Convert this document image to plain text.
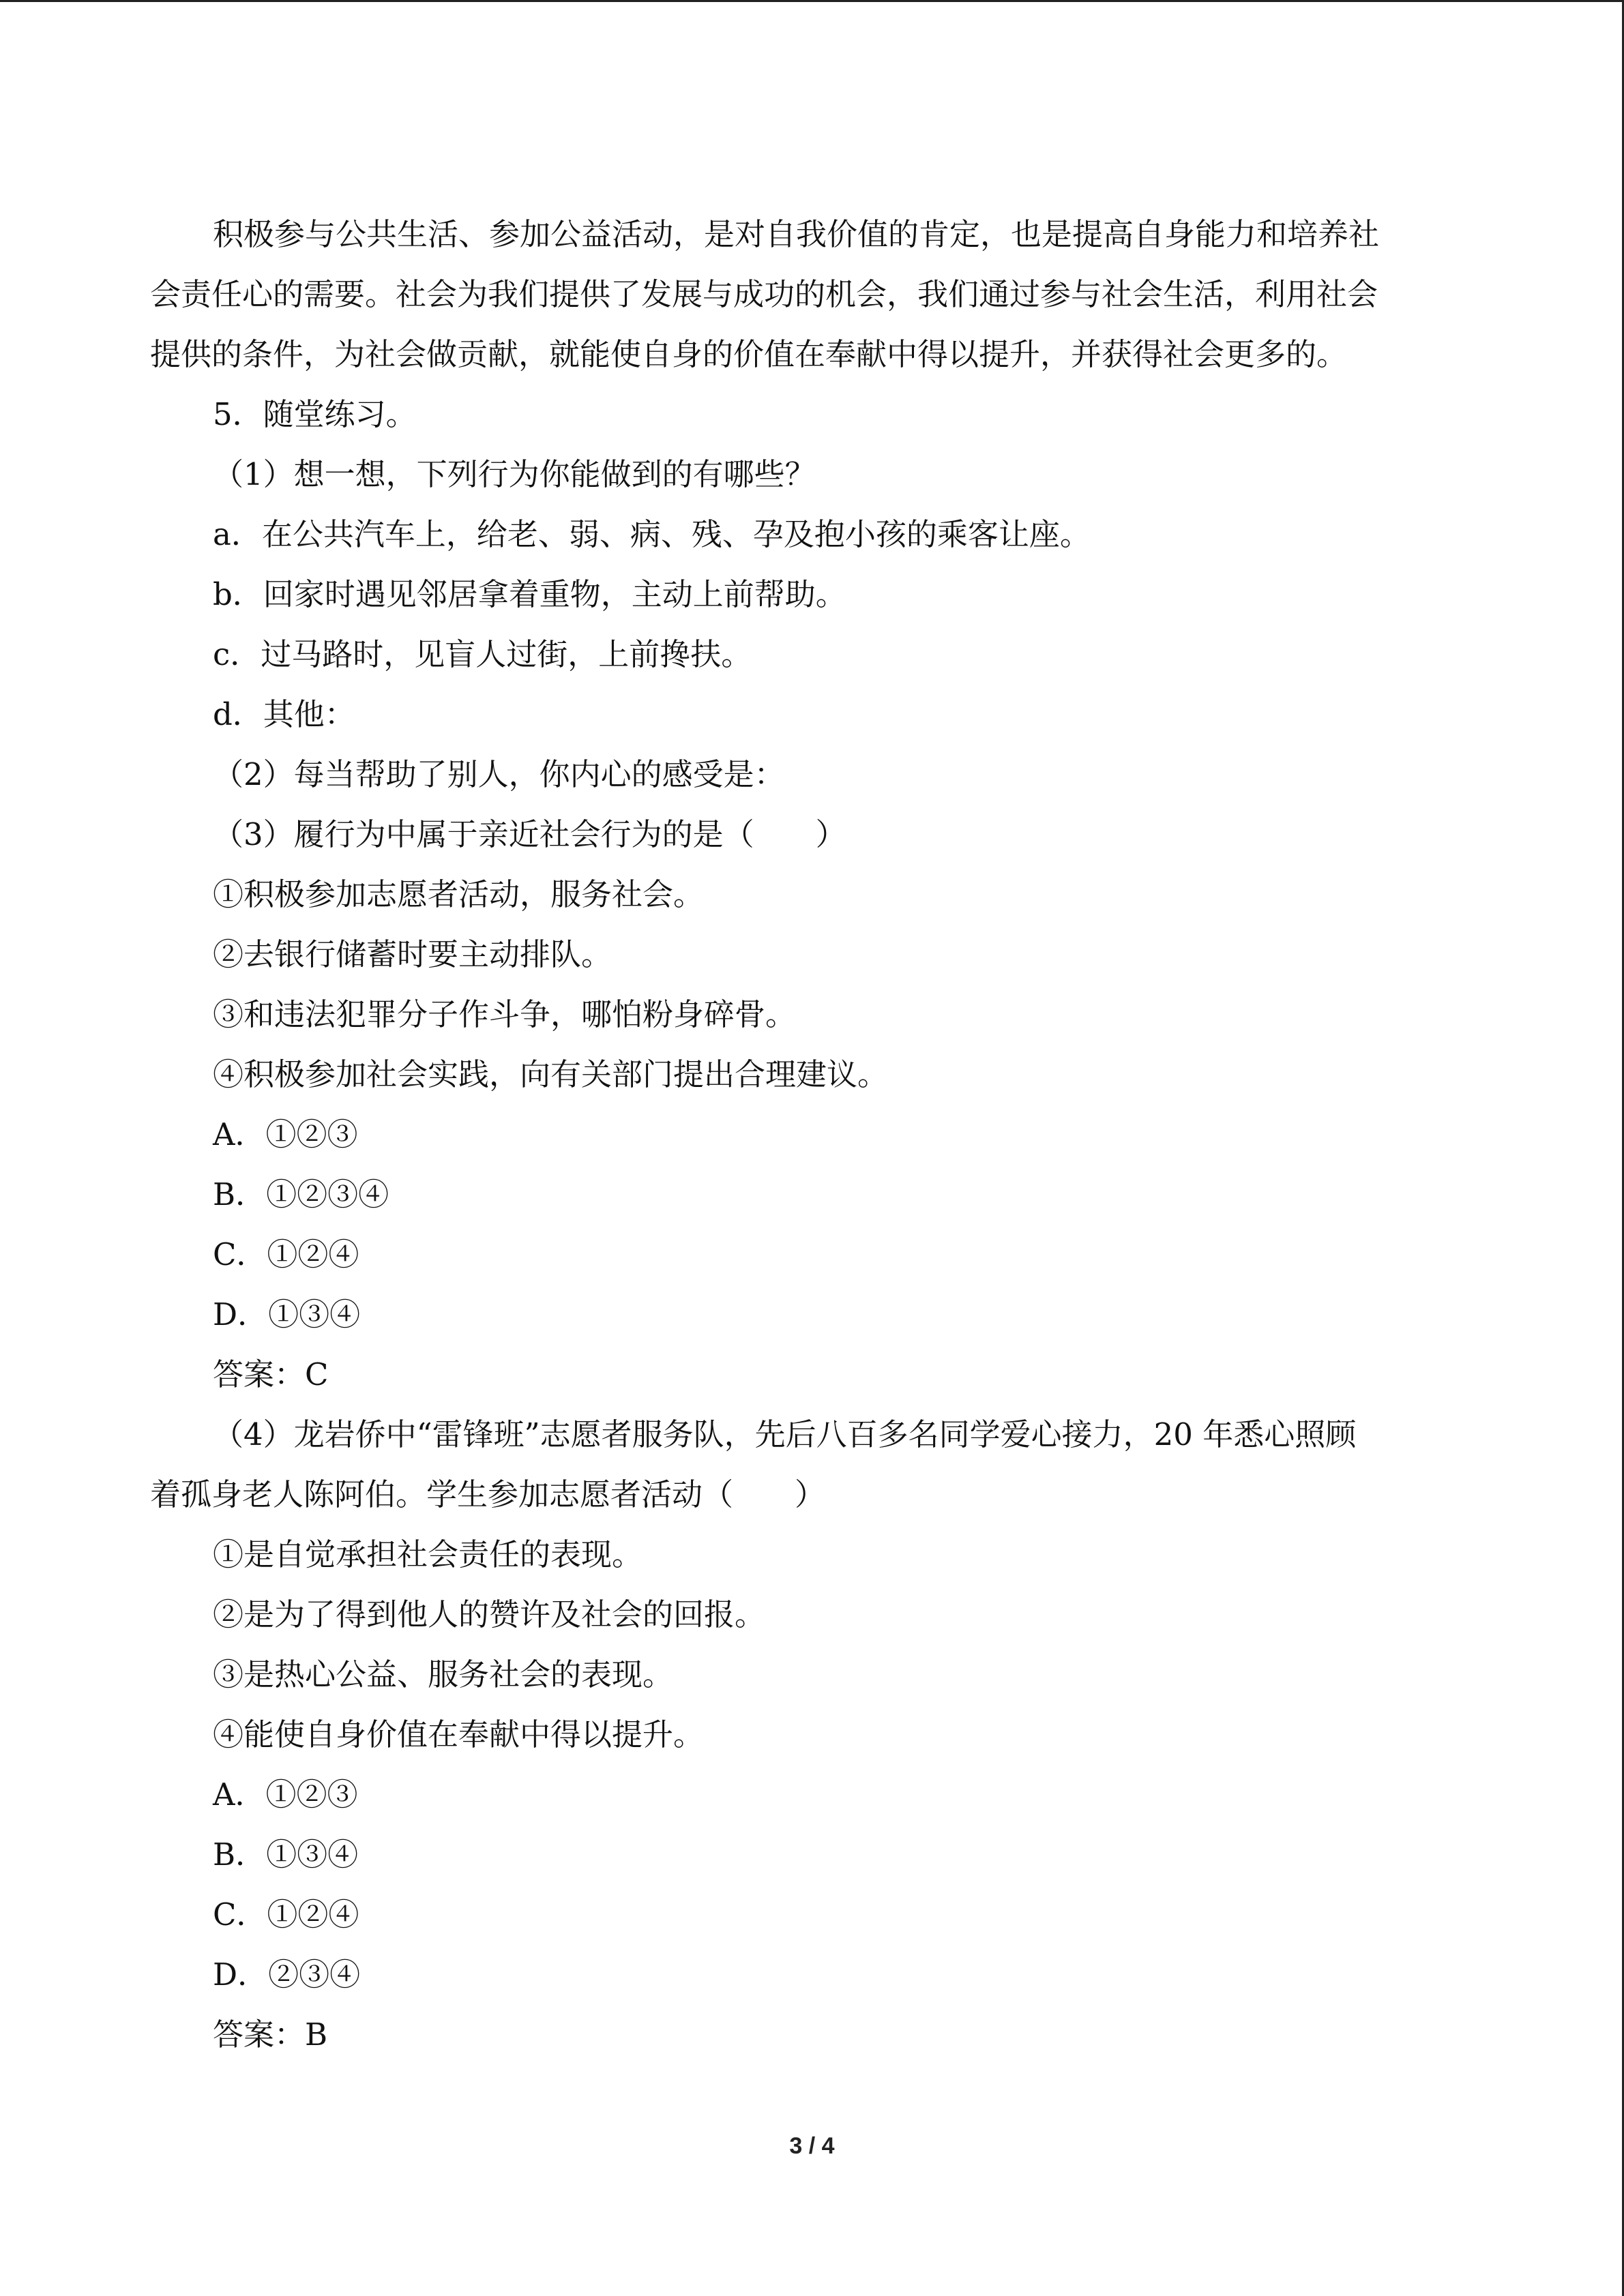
积极参与公共生活、参加公益活动，是对自我价值的肯定，也是提高自身能力和培养社
会责任心的需要。社会为我们提供了发展与成功的机会，我们通过参与社会生活，利用社会
提供的条件，为社会做贡献，就能使自身的价值在奉献中得以提升，并获得社会更多的。
5．随堂练习。
（1）想一想，下列行为你能做到的有哪些？
a．在公共汽车上，给老、弱、病、残、孕及抱小孩的乘客让座。
b．回家时遇见邻居拿着重物，主动上前帮助。
c．过马路时，见盲人过街，上前搀扶。
d．其他：
（2）每当帮助了别人，你内心的感受是：
（3）履行为中属于亲近社会行为的是（　　）
①积极参加志愿者活动，服务社会。
②去银行储蓄时要主动排队。
③和违法犯罪分子作斗争，哪怕粉身碎骨。
④积极参加社会实践，向有关部门提出合理建议。
A．①②③
B．①②③④
C．①②④
D．①③④
答案：C
（4）龙岩侨中“雷锋班”志愿者服务队，先后八百多名同学爱心接力，20 年悉心照顾
着孤身老人陈阿伯。学生参加志愿者活动（　　）
①是自觉承担社会责任的表现。
②是为了得到他人的赞许及社会的回报。
③是热心公益、服务社会的表现。
④能使自身价值在奉献中得以提升。
A．①②③
B．①③④
C．①②④
D．②③④
答案：B
3 / 4
